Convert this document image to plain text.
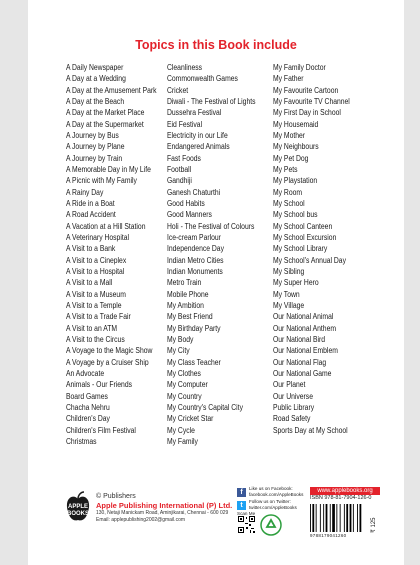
Topics in this Book include
A Daily Newspaper
A Day at a Wedding
A Day at the Amusement Park
A Day at the Beach
A Day at the Market Place
A Day at the Supermarket
A Journey by Bus
A Journey by Plane
A Journey by Train
A Memorable Day in My Life
A Picnic with My Family
A Rainy Day
A Ride in a Boat
A Road Accident
A Vacation at a Hill Station
A Veterinary Hospital
A Visit to a Bank
A Visit to a Cineplex
A Visit to a Hospital
A Visit to a Mall
A Visit to a Museum
A Visit to a Temple
A Visit to a Trade Fair
A Visit to an ATM
A Visit to the Circus
A Voyage to the Magic Show
A Voyage by a Cruiser Ship
An Advocate
Animals - Our Friends
Board Games
Chacha Nehru
Children's Day
Children's Film Festival
Christmas
Cleanliness
Commonwealth Games
Cricket
Diwali - The Festival of Lights
Dussehra Festival
Eid Festival
Electricity in our Life
Endangered Animals
Fast Foods
Football
Gandhiji
Ganesh Chaturthi
Good Habits
Good Manners
Holi - The Festival of Colours
Ice-cream Parlour
Independence Day
Indian Metro Cities
Indian Monuments
Metro Train
Mobile Phone
My Ambition
My Best Friend
My Birthday Party
My Body
My City
My Class Teacher
My Clothes
My Computer
My Country
My Country's Capital City
My Cricket Star
My Cycle
My Family
My Family Doctor
My Father
My Favourite Cartoon
My Favourite TV Channel
My First Day in School
My Housemaid
My Mother
My Neighbours
My Pet Dog
My Pets
My Playstation
My Room
My School
My School bus
My School Canteen
My School Excursion
My School Library
My School's Annual Day
My Sibling
My Super Hero
My Town
My Village
Our National Animal
Our National Anthem
Our National Bird
Our National Emblem
Our National Flag
Our National Game
Our Planet
Our Universe
Public Library
Road Safety
Sports Day at My School
APPLE
BOOKS
© Publishers
Apple Publishing International (P) Ltd.
130, Netaji Manickam Road, Aminjikarai, Chennai - 600 029
Email: applepublishing2002@gmail.com
f	Like us on Facebook:
facebook.com/AppleBooks
t	Follow us on Twitter:
twitter.com/AppleBooks
Scan Me
www.applebooks.org
ISBN 978-81-7904-126-0
₹ 125
9788179041260
